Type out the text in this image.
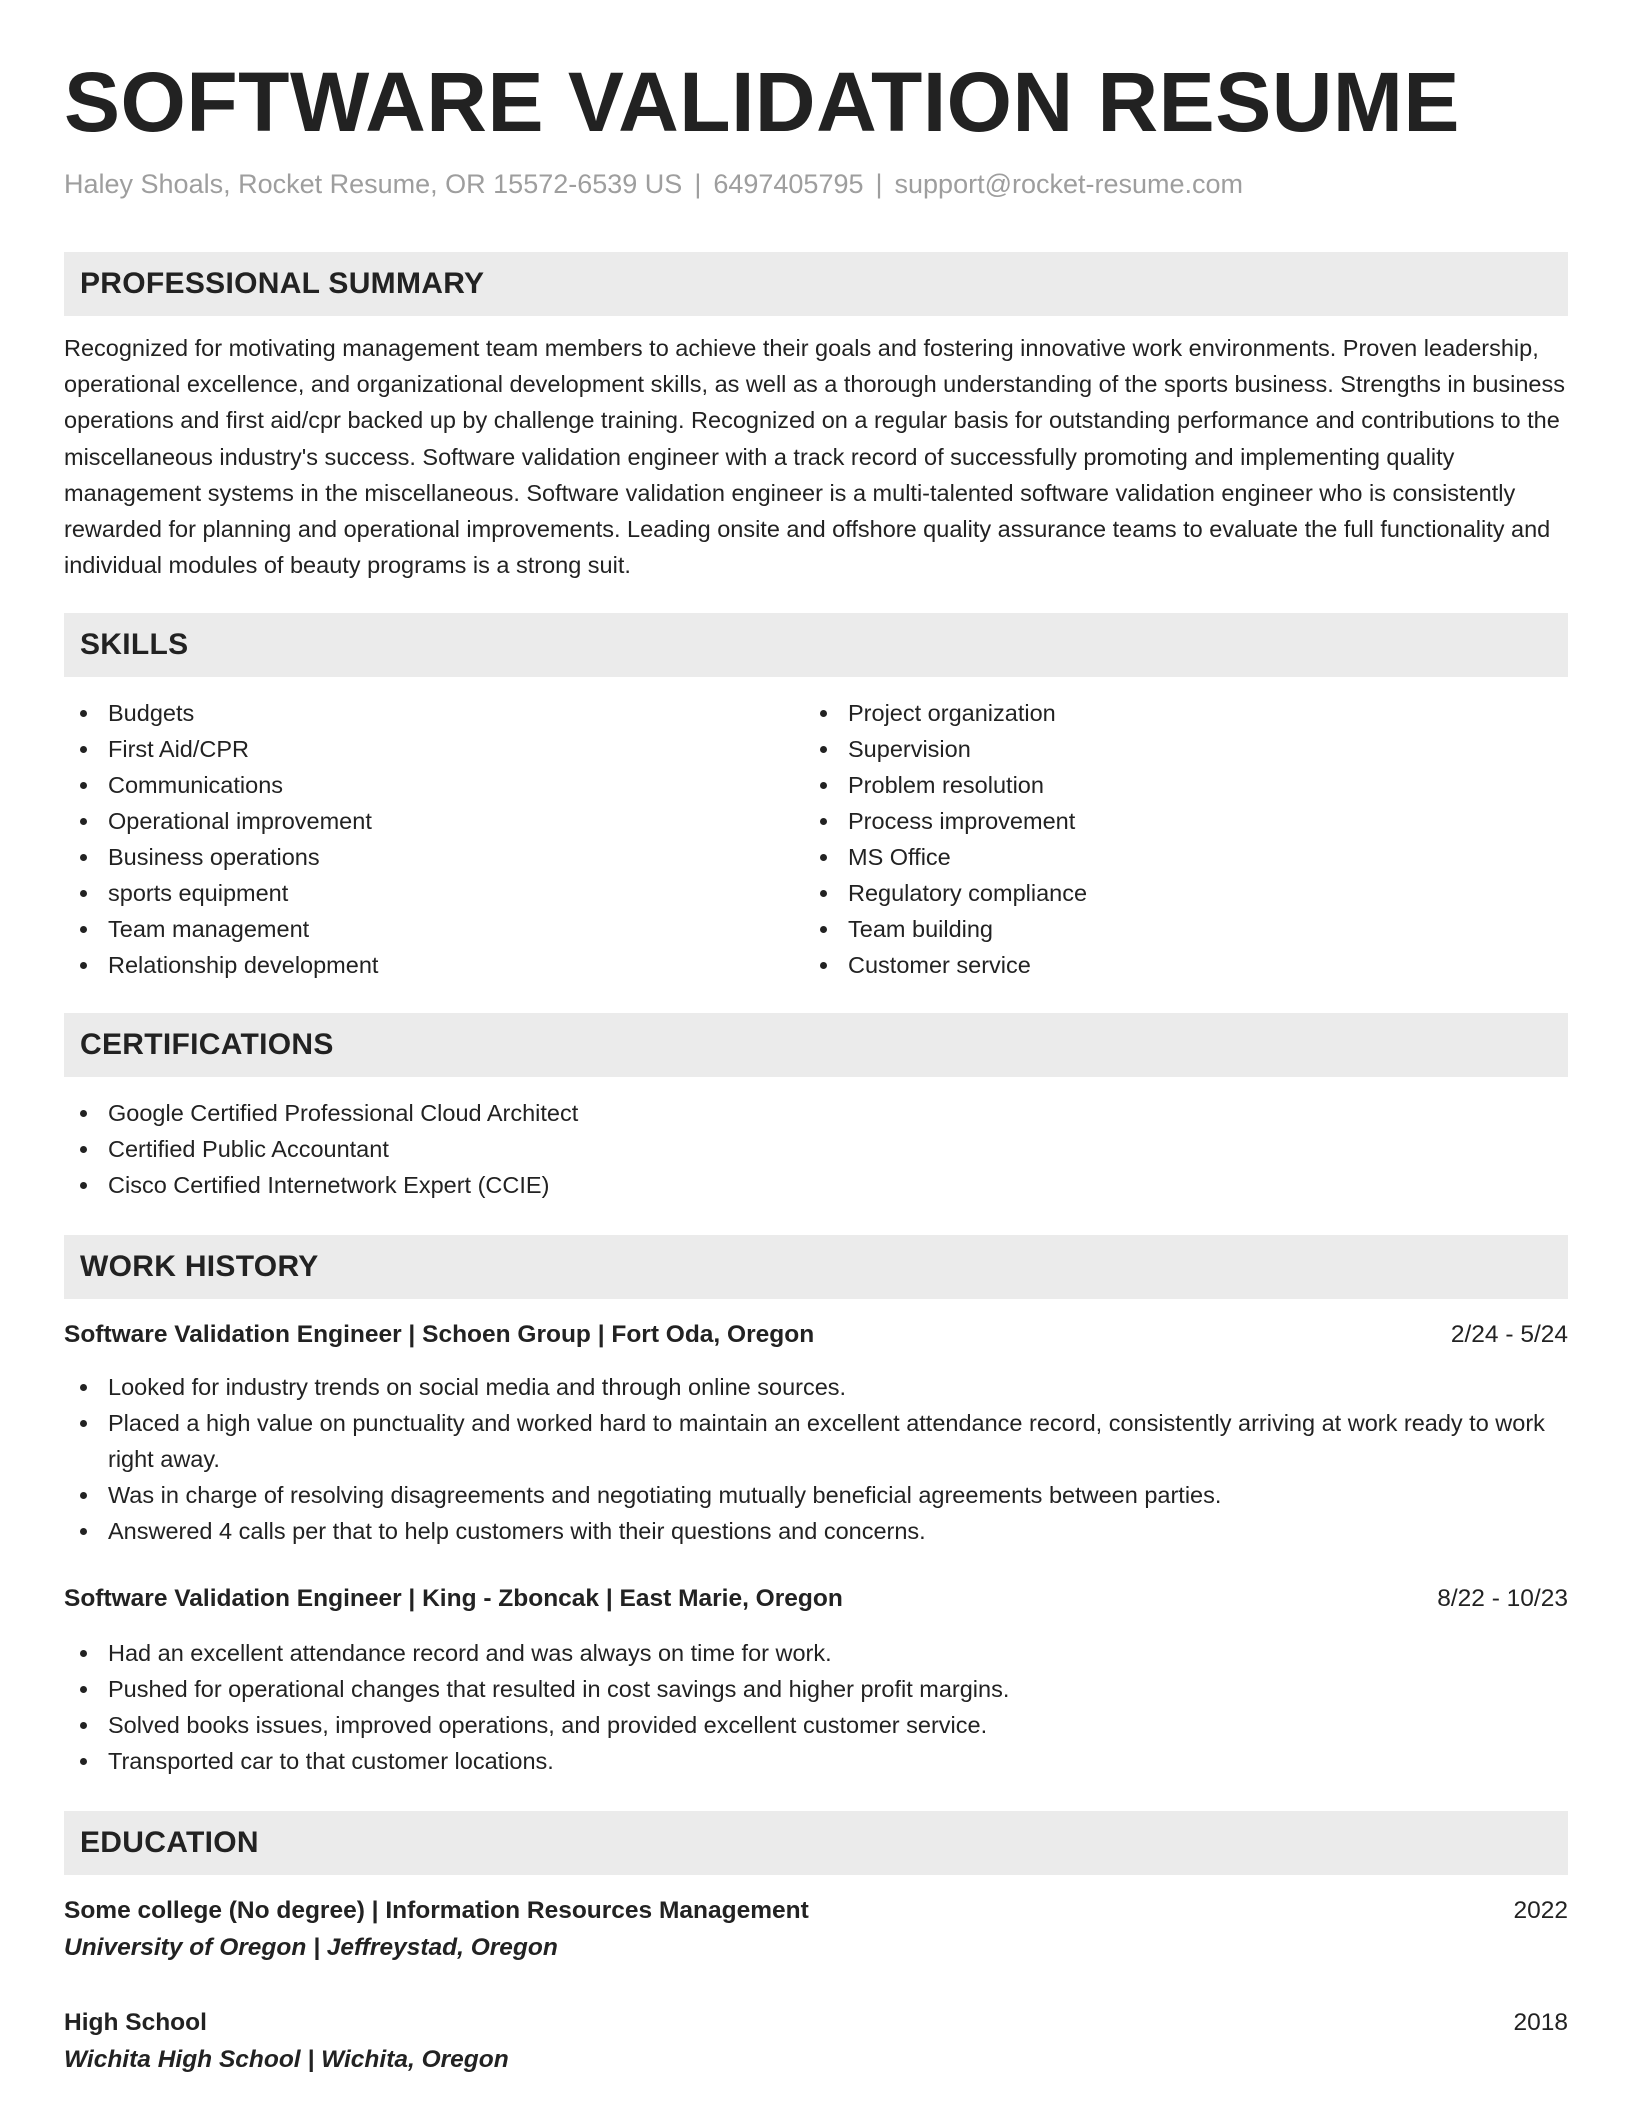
SOFTWARE VALIDATION RESUME
Haley Shoals, Rocket Resume, OR 15572-6539 US | 6497405795 | support@rocket-resume.com
PROFESSIONAL SUMMARY

Recognized for motivating management team members to achieve their goals and fostering innovative work environments. Proven leadership, operational excellence, and organizational development skills, as well as a thorough understanding of the sports business. Strengths in business operations and first aid/cpr backed up by challenge training. Recognized on a regular basis for outstanding performance and contributions to the miscellaneous industry's success. Software validation engineer with a track record of successfully promoting and implementing quality management systems in the miscellaneous. Software validation engineer is a multi-talented software validation engineer who is consistently rewarded for planning and operational improvements. Leading onsite and offshore quality assurance teams to evaluate the full functionality and individual modules of beauty programs is a strong suit.

SKILLS
Budgets
First Aid/CPR
Communications
Operational improvement
Business operations
sports equipment
Team management
Relationship development
Project organization
Supervision
Problem resolution
Process improvement
MS Office
Regulatory compliance
Team building
Customer service
CERTIFICATIONS
Google Certified Professional Cloud Architect
Certified Public Accountant
Cisco Certified Internetwork Expert (CCIE)
WORK HISTORY
Software Validation Engineer | Schoen Group | Fort Oda, Oregon	2/24 - 5/24
Looked for industry trends on social media and through online sources.
Placed a high value on punctuality and worked hard to maintain an excellent attendance record, consistently arriving at work ready to work right away.
Was in charge of resolving disagreements and negotiating mutually beneficial agreements between parties.
Answered 4 calls per that to help customers with their questions and concerns.
Software Validation Engineer | King - Zboncak | East Marie, Oregon	8/22 - 10/23
Had an excellent attendance record and was always on time for work.
Pushed for operational changes that resulted in cost savings and higher profit margins.
Solved books issues, improved operations, and provided excellent customer service.
Transported car to that customer locations.
EDUCATION
Some college (No degree) | Information Resources Management	2022
University of Oregon | Jeffreystad, Oregon
High School	2018
Wichita High School | Wichita, Oregon
